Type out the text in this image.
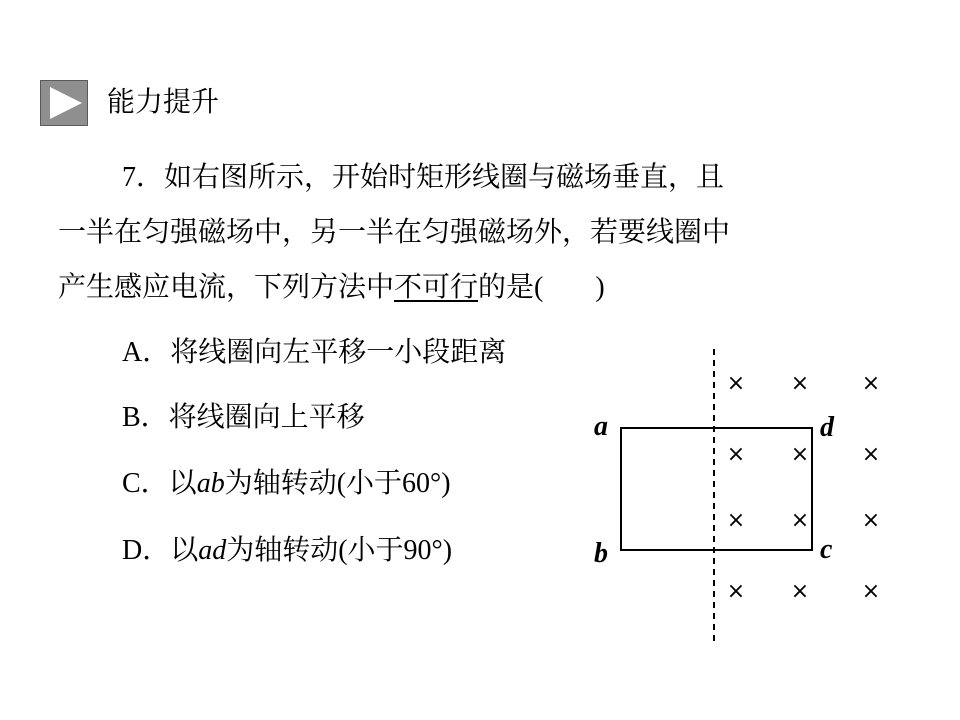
能力提升
7．如右图所示，开始时矩形线圈与磁场垂直，且
一半在匀强磁场中，另一半在匀强磁场外，若要线圈中
产生感应电流，下列方法中不可行的是( )
A．将线圈向左平移一小段距离
B．将线圈向上平移
C．以ab为轴转动(小于60°)
D．以ad为轴转动(小于90°)
a
b	c
d
× × ×
× × ×
× × ×
× × ×
